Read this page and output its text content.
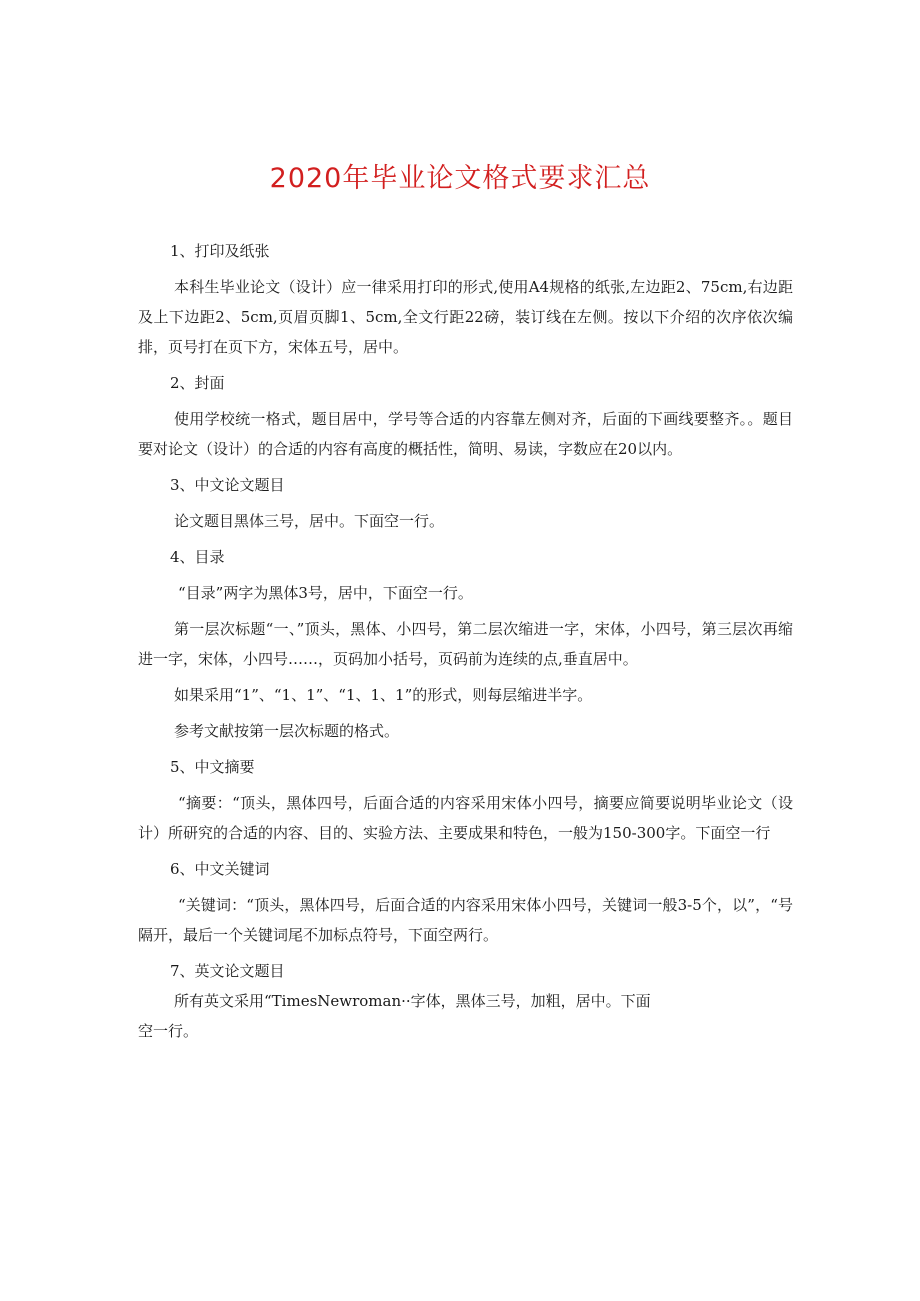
2020年毕业论文格式要求汇总
1、打印及纸张
本科生毕业论文（设计）应一律采用打印的形式,使用A4规格的纸张,左边距2、75cm,右边距及上下边距2、5cm,页眉页脚1、5cm,全文行距22磅，装订线在左侧。按以下介绍的次序依次编排，页号打在页下方，宋体五号，居中。
2、封面
使用学校统一格式，题目居中，学号等合适的内容靠左侧对齐，后面的下画线要整齐。。题目要对论文（设计）的合适的内容有高度的概括性，简明、易读，字数应在20以内。
3、中文论文题目
论文题目黑体三号，居中。下面空一行。
4、目录
“目录”两字为黑体3号，居中，下面空一行。
第一层次标题“一、”顶头，黑体、小四号，第二层次缩进一字，宋体，小四号，第三层次再缩进一字，宋体，小四号……，页码加小括号，页码前为连续的点,垂直居中。
如果采用“1”、“1、1”、“1、1、1”的形式，则每层缩进半字。
参考文献按第一层次标题的格式。
5、中文摘要
“摘要：“顶头，黑体四号，后面合适的内容采用宋体小四号，摘要应简要说明毕业论文（设计）所研究的合适的内容、目的、实验方法、主要成果和特色，一般为150-300字。下面空一行
6、中文关键词
“关键词：“顶头，黑体四号，后面合适的内容采用宋体小四号，关键词一般3-5个，以”，“号隔开，最后一个关键词尾不加标点符号，下面空两行。
7、英文论文题目
所有英文采用“TimesNewroman··字体，黑体三号，加粗，居中。下面空一行。
